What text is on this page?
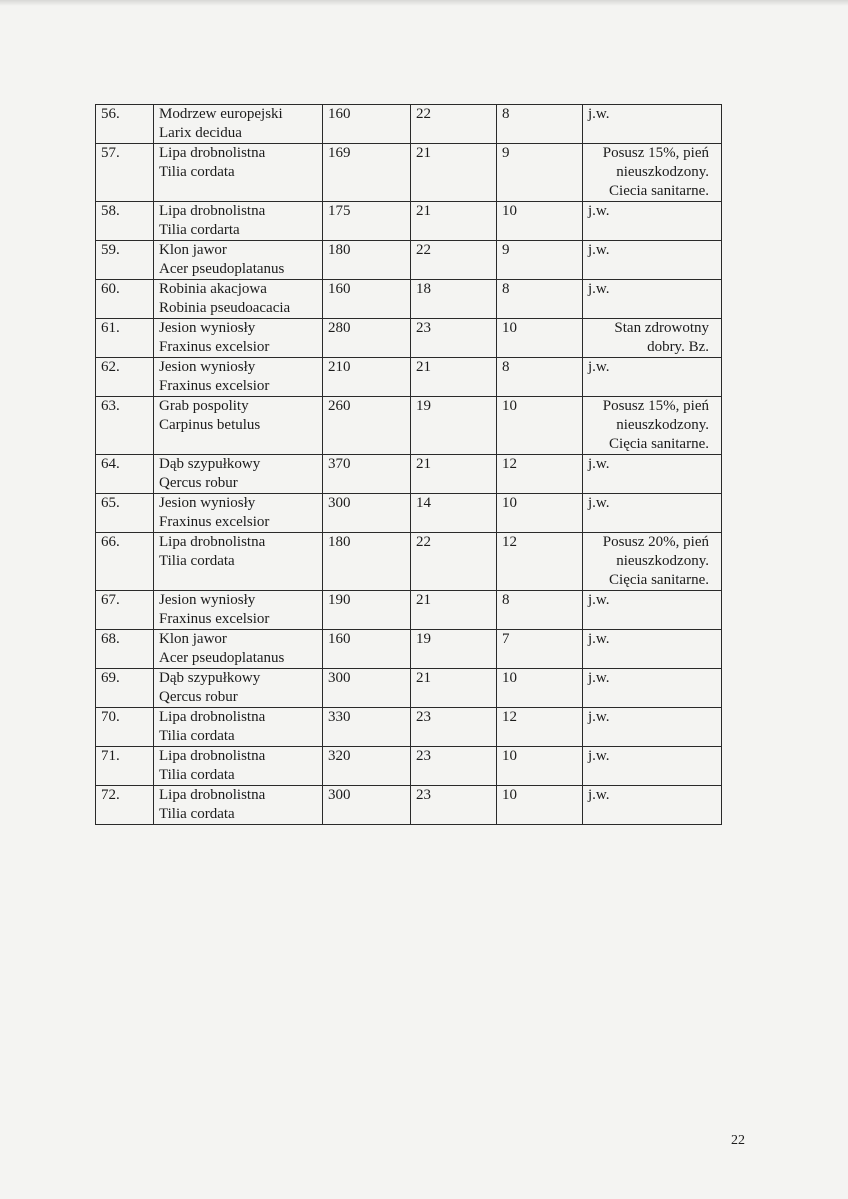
56.	Modrzew europejski
Larix decidua	160	22	8	j.w.

57.	Lipa drobnolistna
Tilia cordata	169	21	9	Posusz 15%, pień
nieuszkodzony.
Ciecia sanitarne.

58.	Lipa drobnolistna
Tilia cordarta	175	21	10	j.w.

59.	Klon jawor
Acer pseudoplatanus	180	22	9	j.w.

60.	Robinia akacjowa
Robinia pseudoacacia	160	18	8	j.w.

61.	Jesion wyniosły
Fraxinus excelsior	280	23	10	Stan zdrowotny
dobry. Bz.

62.	Jesion wyniosły
Fraxinus excelsior	210	21	8	j.w.

63.	Grab pospolity
Carpinus betulus	260	19	10	Posusz 15%, pień
nieuszkodzony.
Cięcia sanitarne.

64.	Dąb szypułkowy
Qercus robur	370	21	12	j.w.

65.	Jesion wyniosły
Fraxinus excelsior	300	14	10	j.w.

66.	Lipa drobnolistna
Tilia cordata	180	22	12	Posusz 20%, pień
nieuszkodzony.
Cięcia sanitarne.

67.	Jesion wyniosły
Fraxinus excelsior	190	21	8	j.w.

68.	Klon jawor
Acer pseudoplatanus	160	19	7	j.w.

69.	Dąb szypułkowy
Qercus robur	300	21	10	j.w.

70.	Lipa drobnolistna
Tilia cordata	330	23	12	j.w.

71.	Lipa drobnolistna
Tilia cordata	320	23	10	j.w.

72.	Lipa drobnolistna
Tilia cordata	300	23	10	j.w.
22
